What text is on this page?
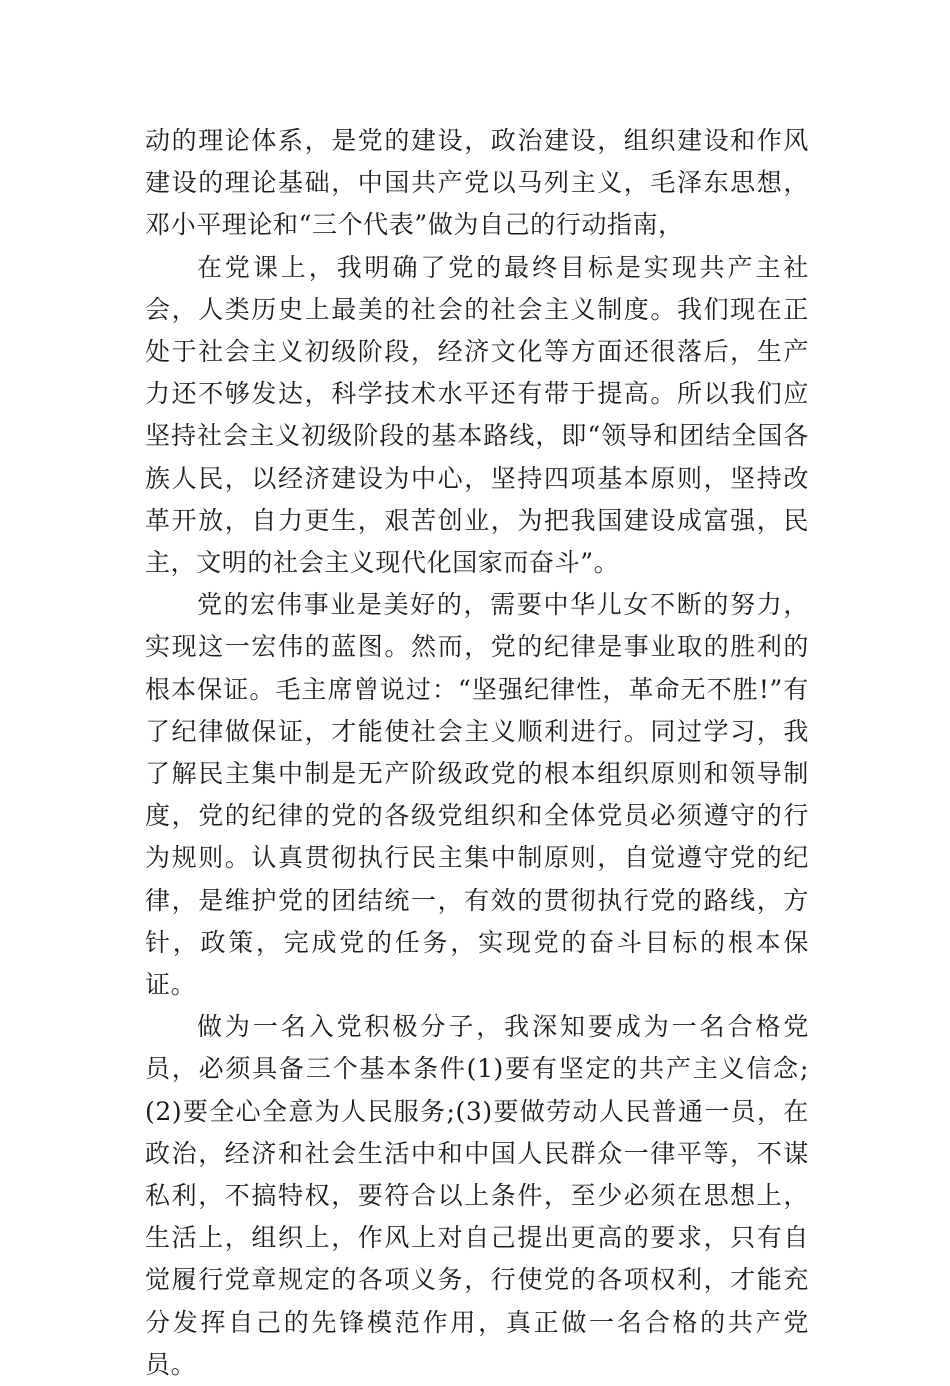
动的理论体系，是党的建设，政治建设，组织建设和作风建设的理论基础，中国共产党以马列主义，毛泽东思想，邓小平理论和“三个代表”做为自己的行动指南，

在党课上，我明确了党的最终目标是实现共产主社会，人类历史上最美的社会的社会主义制度。我们现在正处于社会主义初级阶段，经济文化等方面还很落后，生产力还不够发达，科学技术水平还有带于提高。所以我们应坚持社会主义初级阶段的基本路线，即“领导和团结全国各族人民，以经济建设为中心，坚持四项基本原则，坚持改革开放，自力更生，艰苦创业，为把我国建设成富强，民主，文明的社会主义现代化国家而奋斗”。

党的宏伟事业是美好的，需要中华儿女不断的努力，实现这一宏伟的蓝图。然而，党的纪律是事业取的胜利的根本保证。毛主席曾说过：“坚强纪律性，革命无不胜!”有了纪律做保证，才能使社会主义顺利进行。同过学习，我了解民主集中制是无产阶级政党的根本组织原则和领导制度，党的纪律的党的各级党组织和全体党员必须遵守的行为规则。认真贯彻执行民主集中制原则，自觉遵守党的纪律，是维护党的团结统一，有效的贯彻执行党的路线，方针，政策，完成党的任务，实现党的奋斗目标的根本保证。

做为一名入党积极分子，我深知要成为一名合格党员，必须具备三个基本条件(1)要有坚定的共产主义信念;(2)要全心全意为人民服务;(3)要做劳动人民普通一员，在政治，经济和社会生活中和中国人民群众一律平等，不谋私利，不搞特权，要符合以上条件，至少必须在思想上，生活上，组织上，作风上对自己提出更高的要求，只有自觉履行党章规定的各项义务，行使党的各项权利，才能充分发挥自己的先锋模范作用，真正做一名合格的共产党员。
